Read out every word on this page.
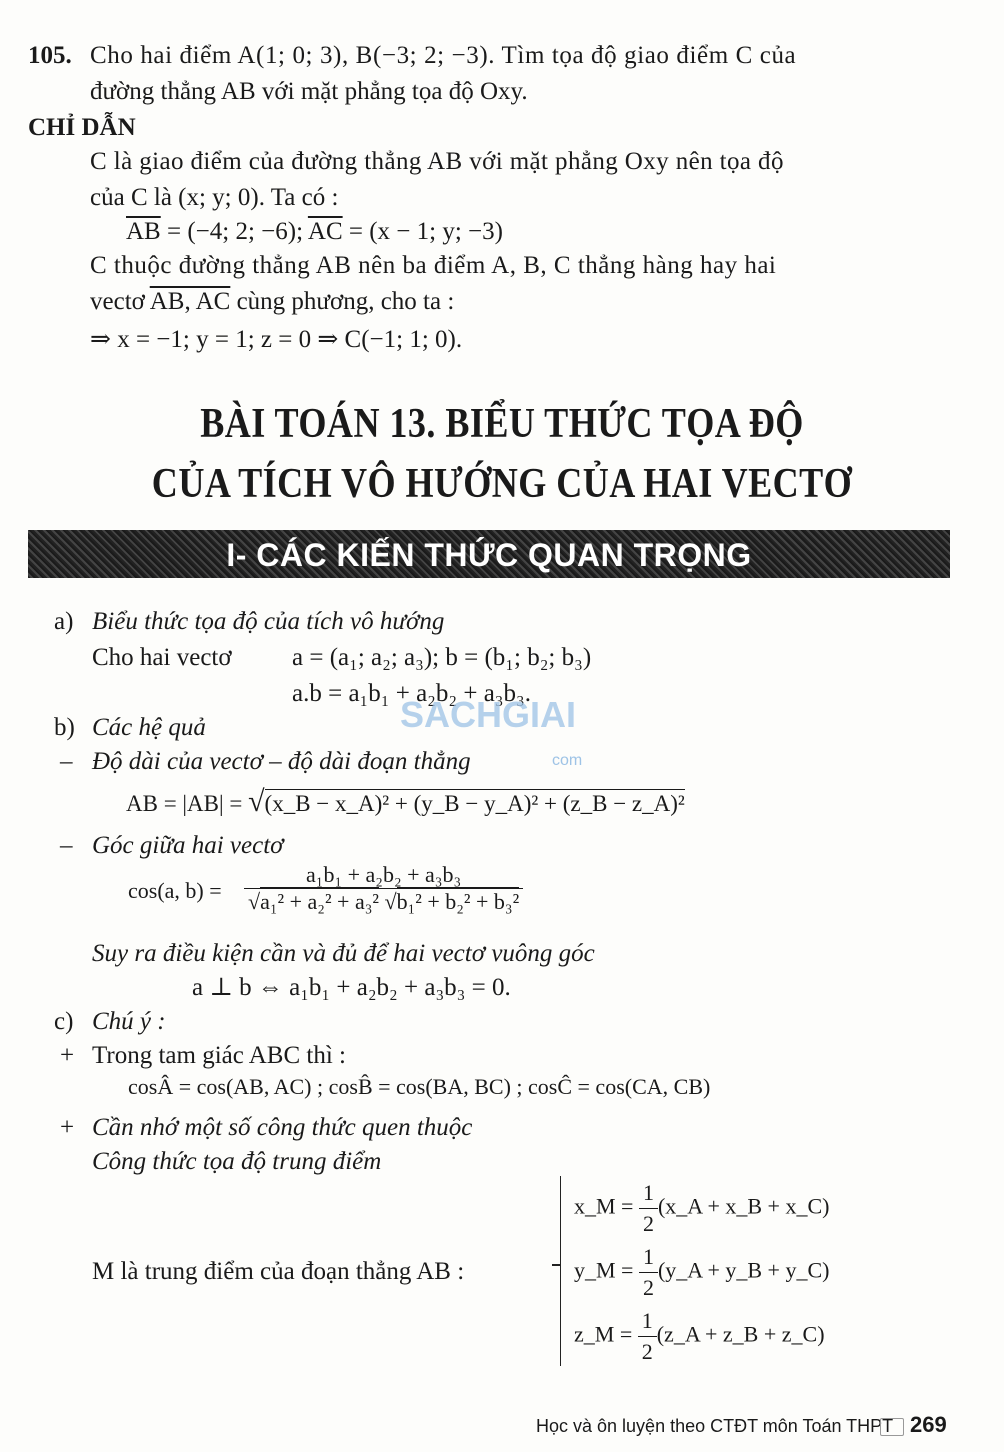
105. Cho hai điểm A(1; 0; 3), B(−3; 2; −3). Tìm tọa độ giao điểm C của
đường thẳng AB với mặt phẳng tọa độ Oxy.
CHỈ DẪN
C là giao điểm của đường thẳng AB với mặt phẳng Oxy nên tọa độ
của C là (x; y; 0). Ta có :
$\overline{AB} = (-4$; 2; −6); $\overline{AC} = (x - 1$; y; −3)
C thuộc đường thẳng AB nên ba điểm A, B, C thẳng hàng hay hai
vectơ AB, AC cùng phương, cho ta :
⇒ x = −1; y = 1; z = 0 ⇒ C(−1; 1; 0).
BÀI TOÁN 13. BIỂU THỨC TỌA ĐỘ
CỦA TÍCH VÔ HƯỚNG CỦA HAI VECTƠ
I- CÁC KIẾN THỨC QUAN TRỌNG
a) Biểu thức tọa độ của tích vô hướng
Cho hai vectơ a = (a₁; a₂; a₃); b = (b₁; b₂; b₃)
a.b = a₁b₁ + a₂b₂ + a₃b₃.
SACHGIAI
com
b) Các hệ quả
– Độ dài của vectơ – độ dài đoạn thẳng
AB = |AB| = √(x_B − x_A)² + (y_B − y_A)² + (z_B − z_A)²
– Góc giữa hai vectơ
cos(a, $b) = \frac{\text{a₁b₁ + a₂b₂ + a₃b₃}}{\text{√a₁² + a₂² + a₃² √b₁² + b₂² + b₃²}}$
Suy ra điều kiện cần và đủ để hai vectơ vuông góc
a ⊥ b ⇔ a₁b₁ + a₂b₂ + a₃b₃ = 0.
c) Chú ý :
+ Trong tam giác ABC thì :
cosÂ = cos(AB, AC) ; cosB̂ = cos(BA, BC) ; cosĈ = cos(CA, CB)
+ Cần nhớ một số công thức quen thuộc
Công thức tọa độ trung điểm
M là trung điểm của đoạn thẳng AB :
x_M = $\frac{1}{2}$ (x_A + x_B + x_C)
y_M = $\frac{1}{2}$ (y_A + y_B + y_C)
z_M = $\frac{1}{2}$ (z_A + z_B + z_C)
Học và ôn luyện theo CTĐT môn Toán THPT 269
